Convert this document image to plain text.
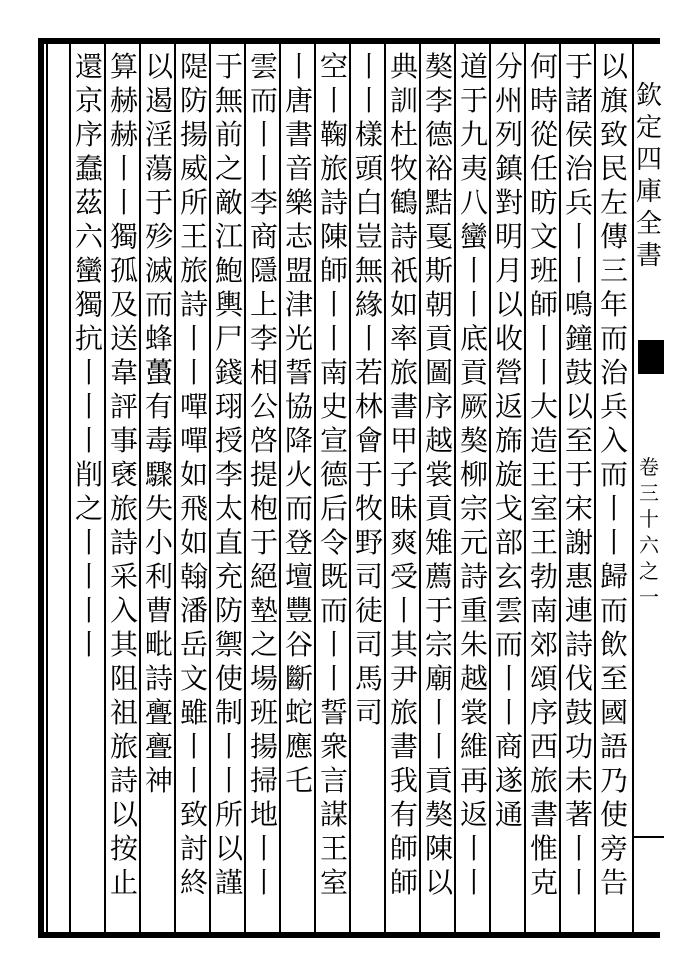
欽定四庫全書
卷三十六之一
以旗致民左傳三年而治兵入而丨丨歸而飲至國語乃使旁告
于諸侯治兵丨丨鳴鐘鼓以至于宋謝惠連詩伐鼓功未著丨丨
何時從任昉文班師丨丨大造王室王勃南郊頌序西旅書惟克
分州列鎮對明月以收營返旆旋戈部玄雲而丨丨商遂通
道于九夷八蠻丨丨底貢厥獒柳宗元詩重朱越裳維再返丨丨
獒李德裕黠戛斯朝貢圖序越裳貢雉薦于宗廟丨丨貢獒陳以
典訓杜牧鶴詩祇如率旅書甲子昧爽受丨其尹旅書我有師師
丨丨樣頭白豈無緣丨若林會于牧野司徒司馬司
空丨鞠旅詩陳師丨丨南史宣德后令既而丨丨誓衆言謀王室
丨唐書音樂志盟津光誓協降火而登壇豐谷斷蛇應乇
雲而丨丨李商隱上李相公啓提枹于絕墊之場班揚掃地丨丨
于無前之敵江鮑輿尸錢珝授李太直充防禦使制丨丨所以謹
隄防揚威所王旅詩丨丨嘽嘽如飛如翰潘岳文雖丨丨致討終
以遏淫蕩于殄滅而蜂蠆有毒驟失小利曹毗詩亹亹神
算赫赫丨丨獨孤及送韋評事褎旅詩采入其阻祖旅詩以按止
還京序蠢茲六蠻獨抗丨丨丨削之丨丨丨丨
